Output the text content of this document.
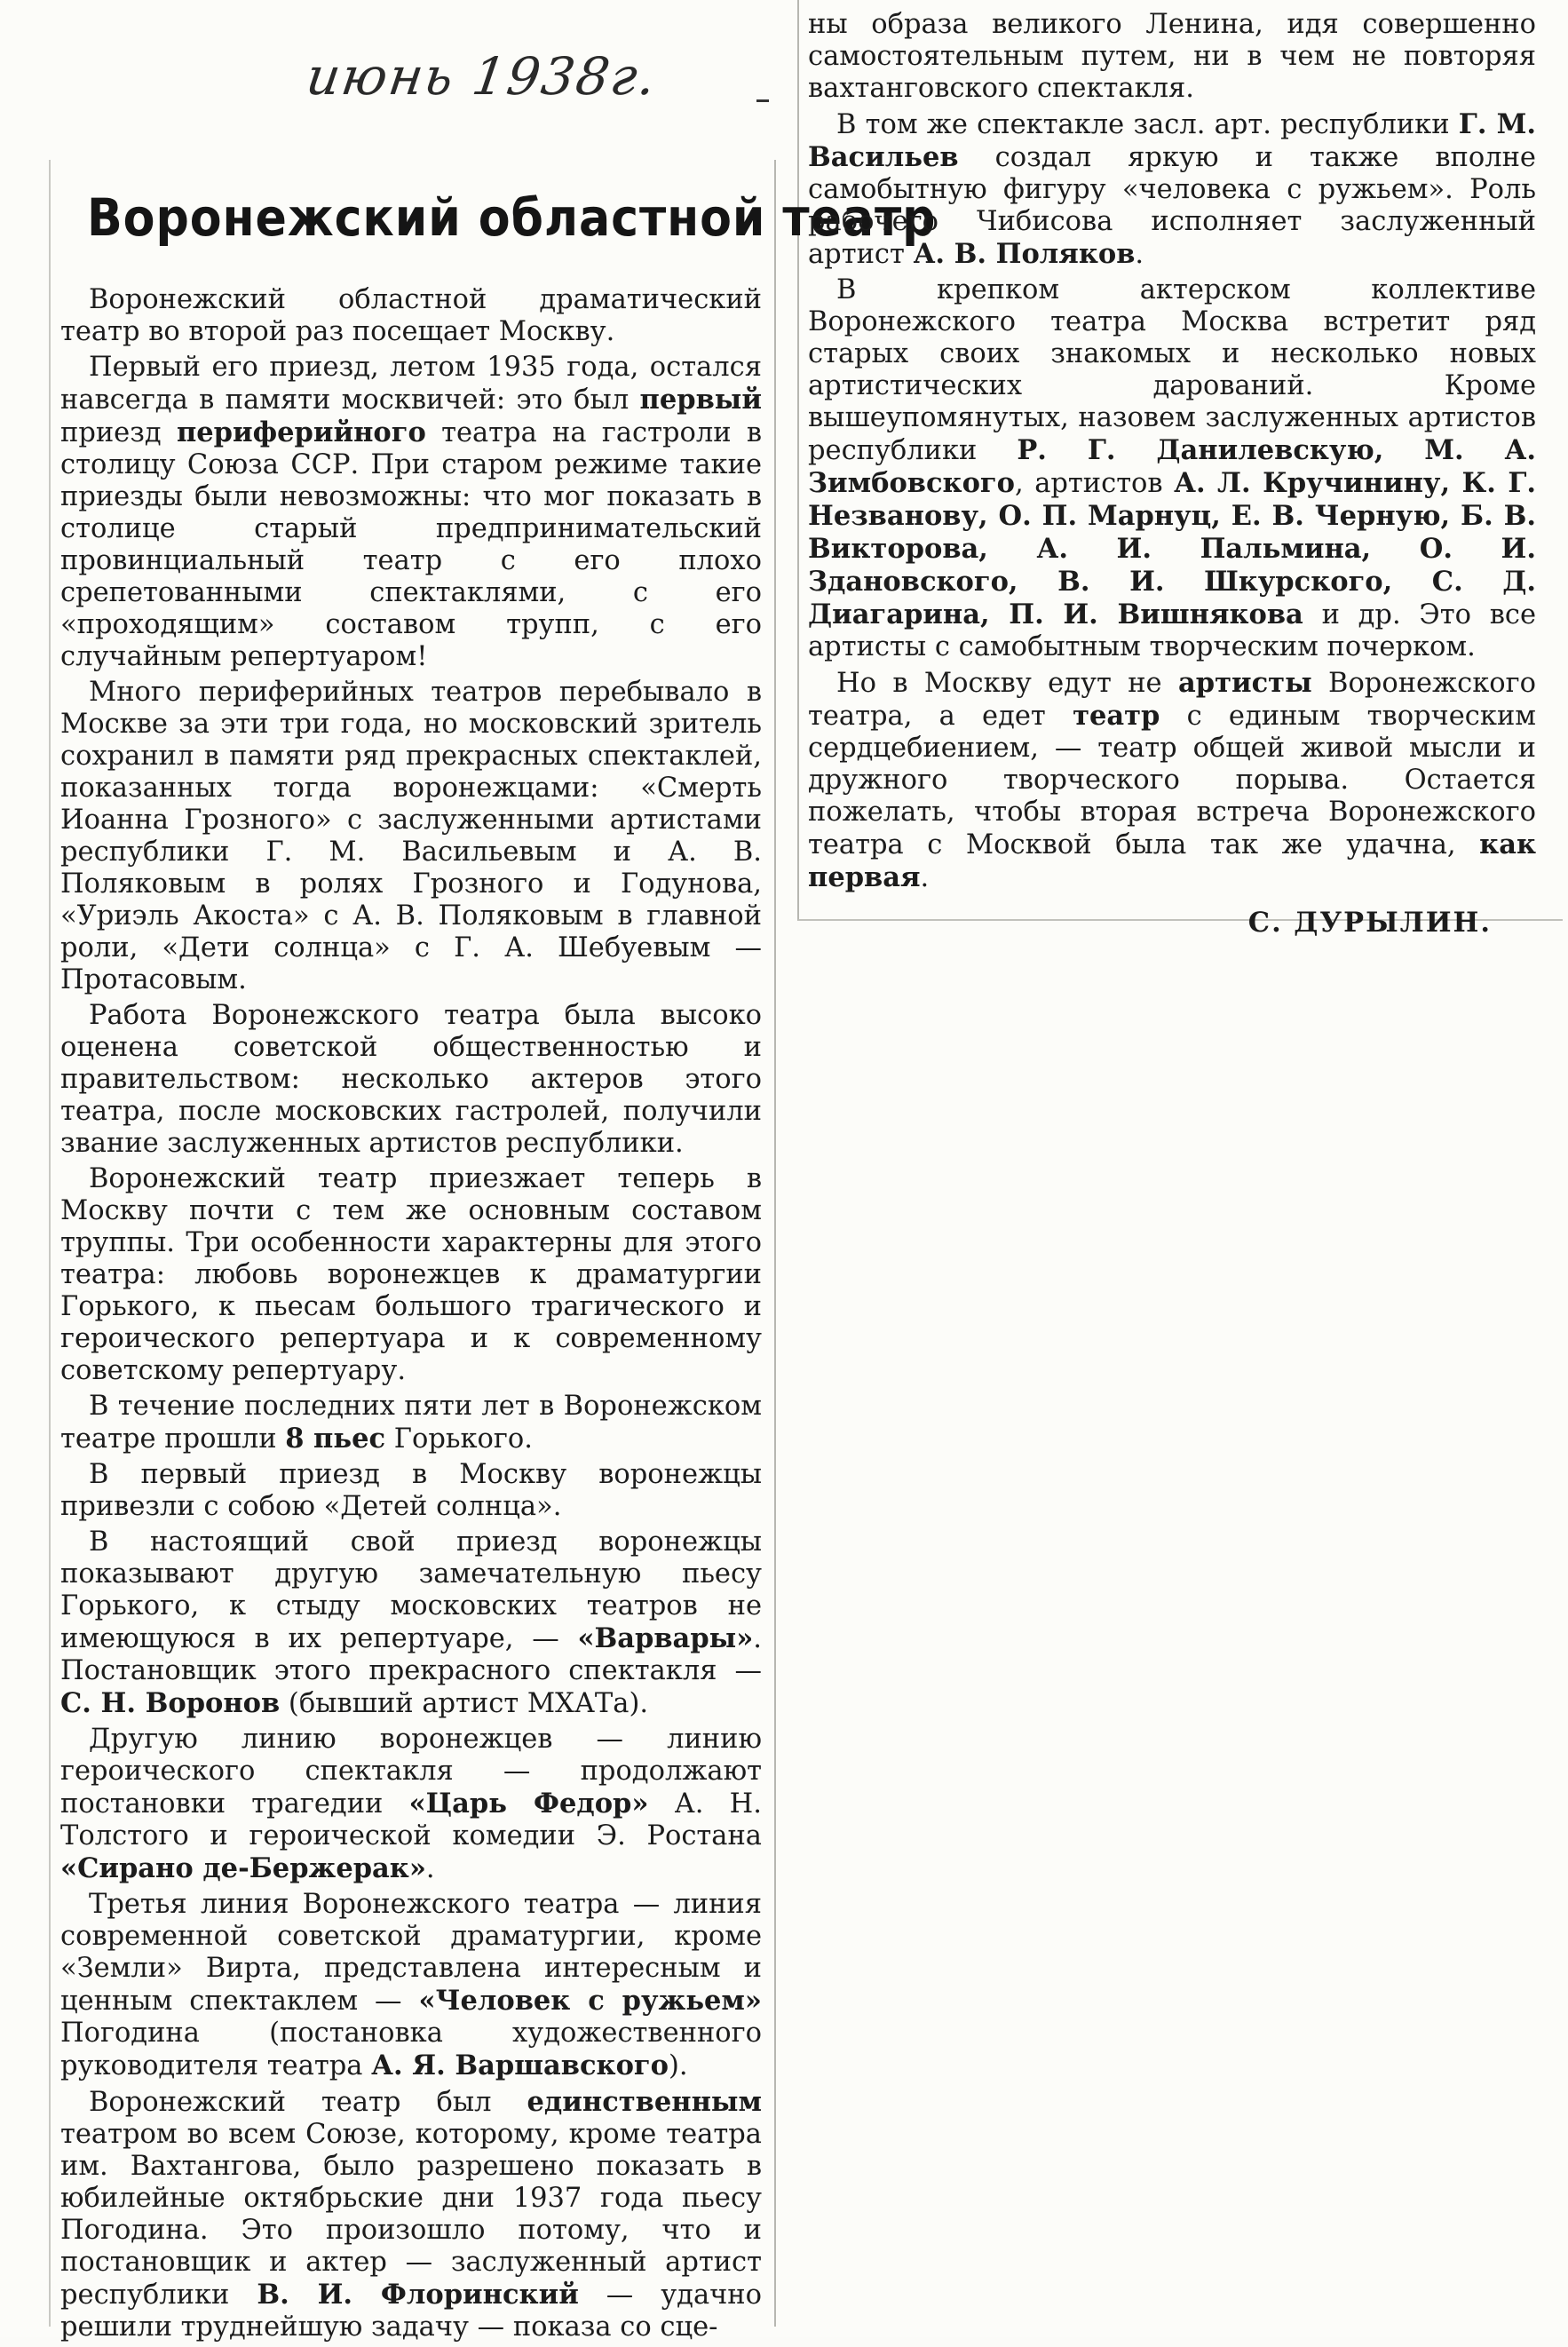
июнь 1938г.
Воронежский областной театр

Воронежский областной драматический театр во второй раз посещает Москву.

Первый его приезд, летом 1935 года, остался навсегда в памяти москвичей: это был первый приезд периферийного театра на гастроли в столицу Союза ССР. При старом режиме такие приезды были невозможны: что мог показать в столице старый предпринимательский провинциальный театр с его плохо срепетованными спектаклями, с его «проходящим» составом трупп, с его случайным репертуаром!

Много периферийных театров перебывало в Москве за эти три года, но московский зритель сохранил в памяти ряд прекрасных спектаклей, показанных тогда воронежцами: «Смерть Иоанна Грозного» с заслуженными артистами республики Г. М. Васильевым и А. В. Поляковым в ролях Грозного и Годунова, «Уриэль Акоста» с А. В. Поляковым в главной роли, «Дети солнца» с Г. А. Шебуевым — Протасовым.

Работа Воронежского театра была высоко оценена советской общественностью и правительством: несколько актеров этого театра, после московских гастролей, получили звание заслуженных артистов республики.

Воронежский театр приезжает теперь в Москву почти с тем же основным составом труппы. Три особенности характерны для этого театра: любовь воронежцев к драматургии Горького, к пьесам большого трагического и героического репертуара и к современному советскому репертуару.

В течение последних пяти лет в Воронежском театре прошли 8 пьес Горького.

В первый приезд в Москву воронежцы привезли с собою «Детей солнца».

В настоящий свой приезд воронежцы показывают другую замечательную пьесу Горького, к стыду московских театров не имеющуюся в их репертуаре, — «Варвары». Постановщик этого прекрасного спектакля — С. Н. Воронов (бывший артист МХАТа).

Другую линию воронежцев — линию героического спектакля — продолжают постановки трагедии «Царь Федор» А. Н. Толстого и героической комедии Э. Ростана «Сирано де-Бержерак».

Третья линия Воронежского театра — линия современной советской драматургии, кроме «Земли» Вирта, представлена интересным и ценным спектаклем — «Человек с ружьем» Погодина (постановка художественного руководителя театра А. Я. Варшавского).

Воронежский театр был единственным театром во всем Союзе, которому, кроме театра им. Вахтангова, было разрешено показать в юбилейные октябрьские дни 1937 года пьесу Погодина. Это произошло потому, что и постановщик и актер — заслуженный артист республики В. И. Флоринский — удачно решили труднейшую задачу — показа со сце-

ны образа великого Ленина, идя совершенно самостоятельным путем, ни в чем не повторяя вахтанговского спектакля.

В том же спектакле засл. арт. республики Г. М. Васильев создал яркую и также вполне самобытную фигуру «человека с ружьем». Роль рабочего Чибисова исполняет заслуженный артист А. В. Поляков.

В крепком актерском коллективе Воронежского театра Москва встретит ряд старых своих знакомых и несколько новых артистических дарований. Кроме вышеупомянутых, назовем заслуженных артистов республики Р. Г. Данилевскую, М. А. Зимбовского, артистов А. Л. Кручинину, К. Г. Незванову, О. П. Марнуц, Е. В. Черную, Б. В. Викторова, А. И. Пальмина, О. И. Здановского, В. И. Шкурского, С. Д. Диагарина, П. И. Вишнякова и др. Это все артисты с самобытным творческим почерком.

Но в Москву едут не артисты Воронежского театра, а едет театр с единым творческим сердцебиением, — театр общей живой мысли и дружного творческого порыва. Остается пожелать, чтобы вторая встреча Воронежского театра с Москвой была так же удачна, как первая.

С. ДУРЫЛИН.
